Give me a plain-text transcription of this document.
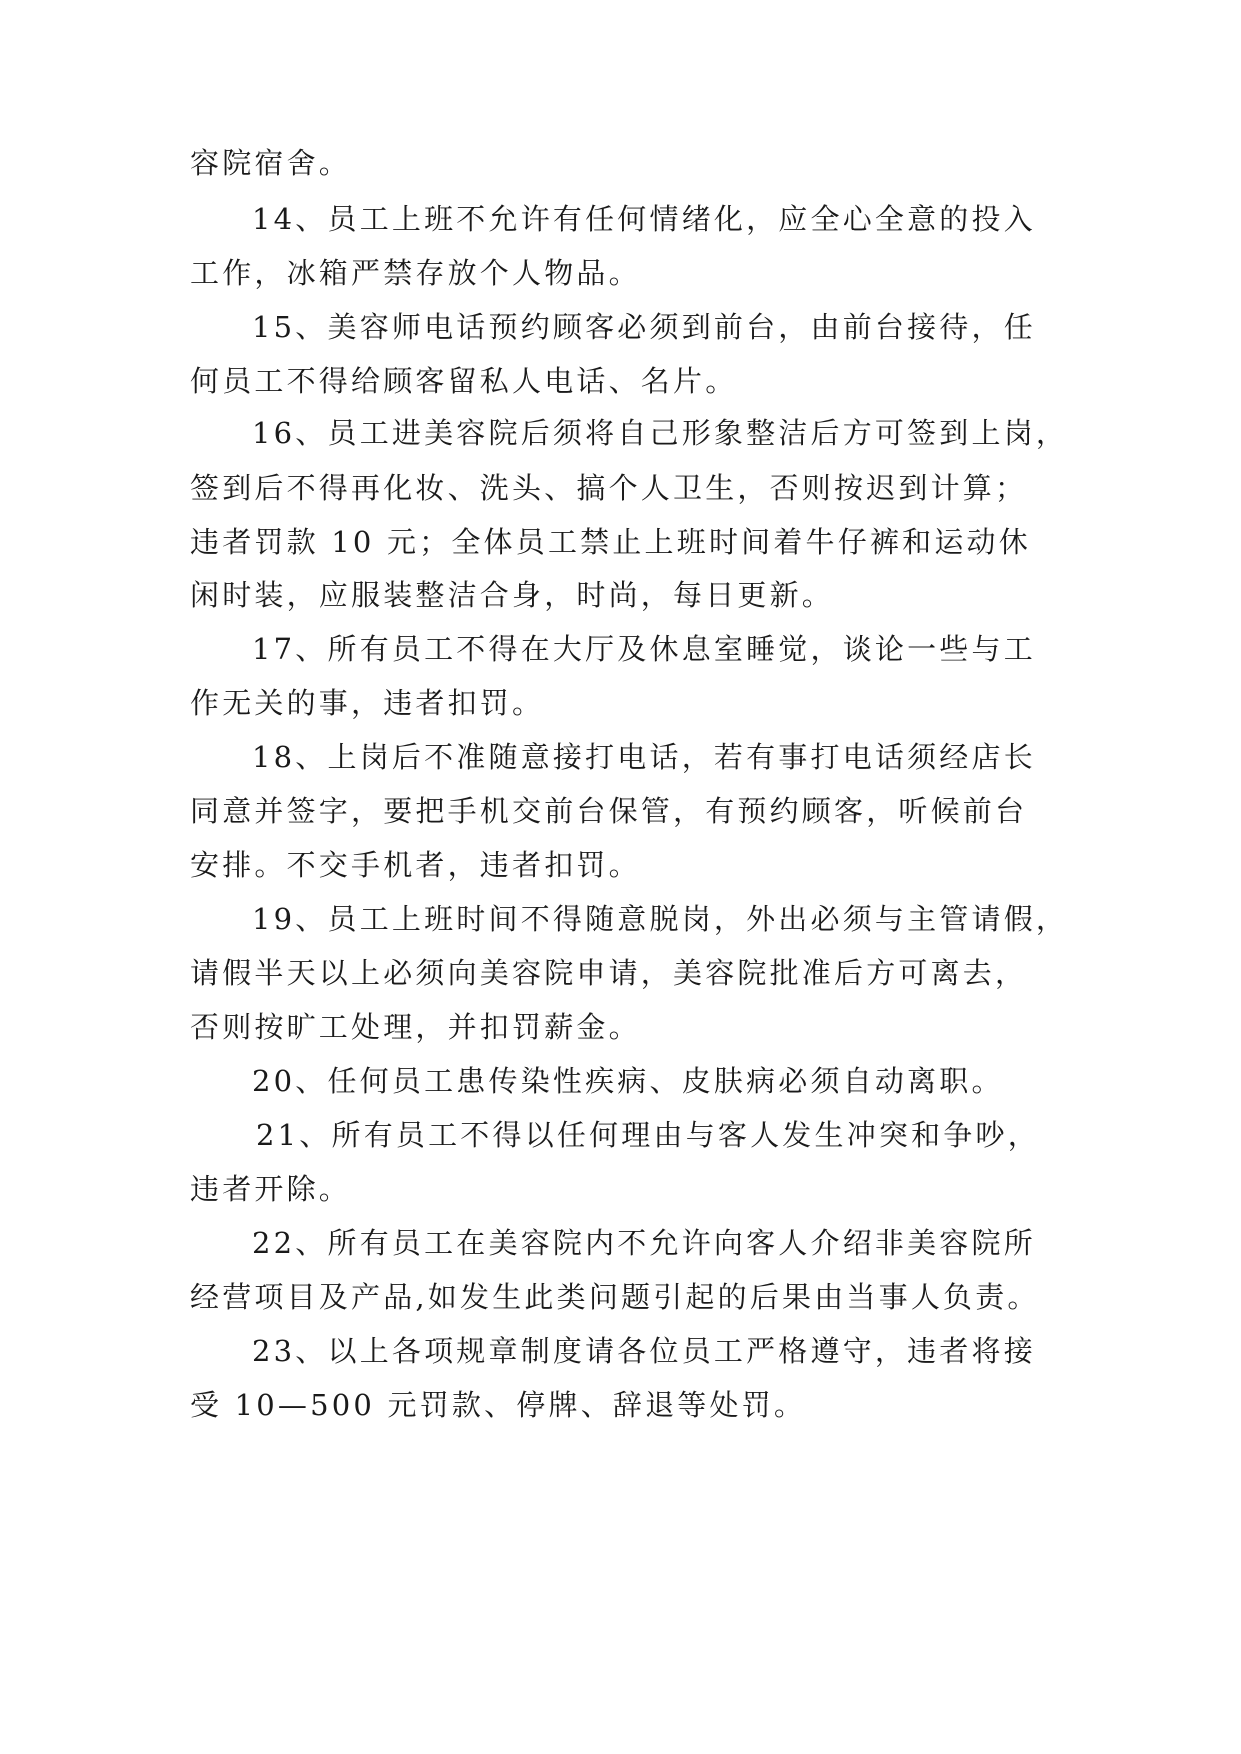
容院宿舍。
14、员工上班不允许有任何情绪化，应全心全意的投入
工作，冰箱严禁存放个人物品。
15、美容师电话预约顾客必须到前台，由前台接待，任
何员工不得给顾客留私人电话、名片。
16、员工进美容院后须将自己形象整洁后方可签到上岗，
签到后不得再化妆、洗头、搞个人卫生，否则按迟到计算；
违者罚款 10 元；全体员工禁止上班时间着牛仔裤和运动休
闲时装，应服装整洁合身，时尚，每日更新。
17、所有员工不得在大厅及休息室睡觉，谈论一些与工
作无关的事，违者扣罚。
18、上岗后不准随意接打电话，若有事打电话须经店长
同意并签字，要把手机交前台保管，有预约顾客，听候前台
安排。不交手机者，违者扣罚。
19、员工上班时间不得随意脱岗，外出必须与主管请假，
请假半天以上必须向美容院申请，美容院批准后方可离去，
否则按旷工处理，并扣罚薪金。
20、任何员工患传染性疾病、皮肤病必须自动离职。
21、所有员工不得以任何理由与客人发生冲突和争吵，
违者开除。
22、所有员工在美容院内不允许向客人介绍非美容院所
经营项目及产品,如发生此类问题引起的后果由当事人负责。
23、以上各项规章制度请各位员工严格遵守，违者将接
受 10—500 元罚款、停牌、辞退等处罚。
